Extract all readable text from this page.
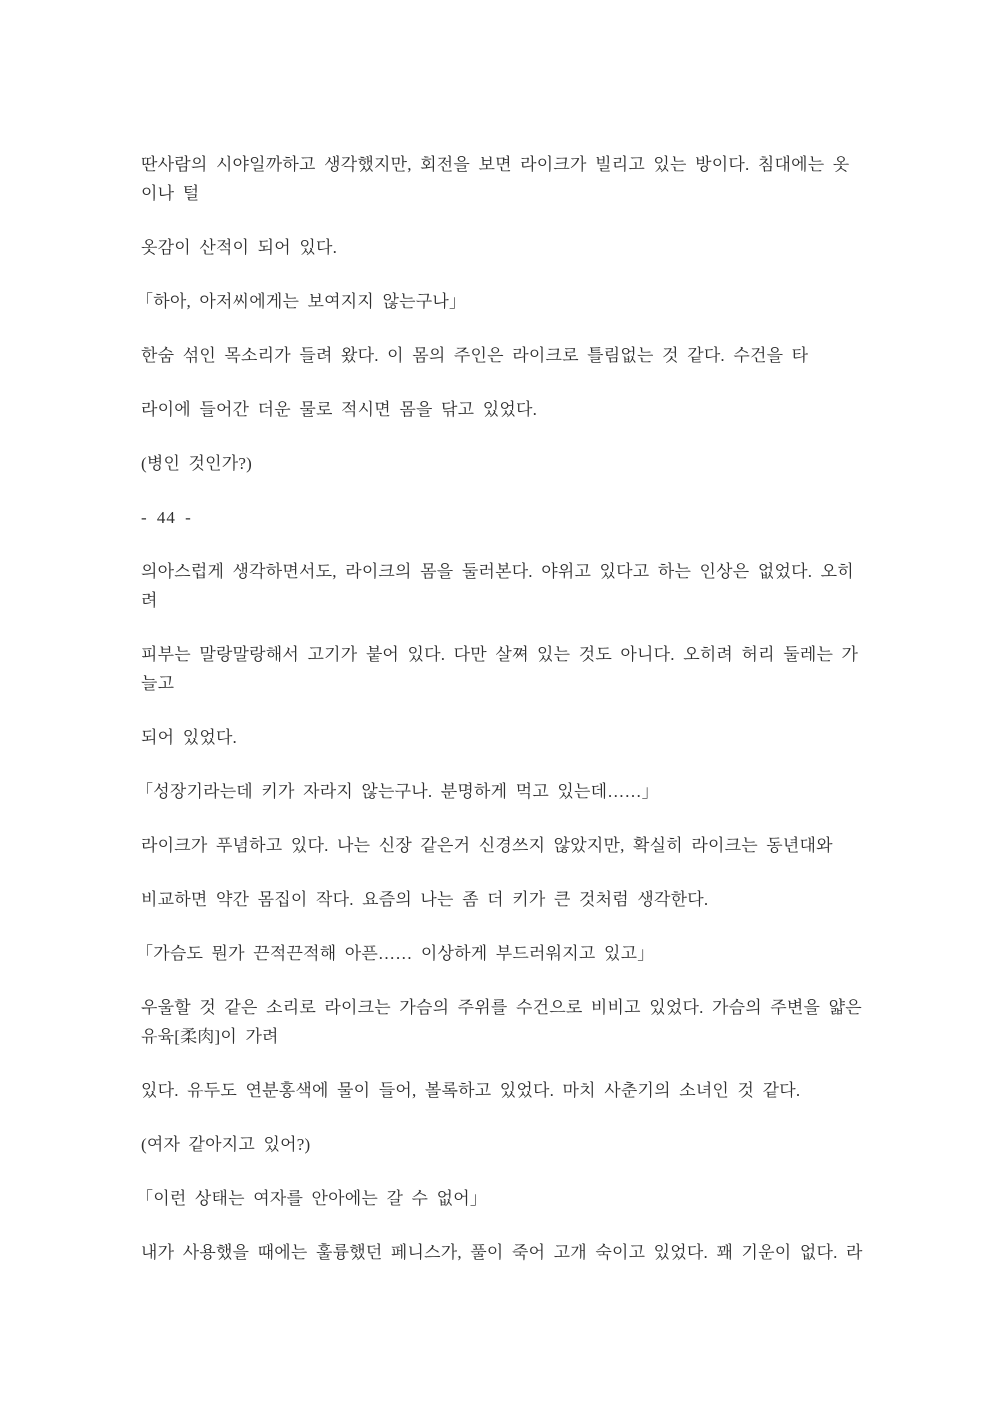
딴사람의 시야일까하고 생각했지만, 회전을 보면 라이크가 빌리고 있는 방이다. 침대에는 옷
이나 털
옷감이 산적이 되어 있다.
「하아, 아저씨에게는 보여지지 않는구나」
한숨 섞인 목소리가 들려 왔다. 이 몸의 주인은 라이크로 틀림없는 것 같다. 수건을 타
라이에 들어간 더운 물로 적시면 몸을 닦고 있었다.
(병인 것인가?)
- 44 -
의아스럽게 생각하면서도, 라이크의 몸을 둘러본다. 야위고 있다고 하는 인상은 없었다. 오히
려
피부는 말랑말랑해서 고기가 붙어 있다. 다만 살쪄 있는 것도 아니다. 오히려 허리 둘레는 가
늘고
되어 있었다.
「성장기라는데 키가 자라지 않는구나. 분명하게 먹고 있는데……」
라이크가 푸념하고 있다. 나는 신장 같은거 신경쓰지 않았지만, 확실히 라이크는 동년대와
비교하면 약간 몸집이 작다. 요즘의 나는 좀 더 키가 큰 것처럼 생각한다.
「가슴도 뭔가 끈적끈적해 아픈…… 이상하게 부드러워지고 있고」
우울할 것 같은 소리로 라이크는 가슴의 주위를 수건으로 비비고 있었다. 가슴의 주변을 얇은
유육[柔肉]이 가려
있다. 유두도 연분홍색에 물이 들어, 볼록하고 있었다. 마치 사춘기의 소녀인 것 같다.
(여자 같아지고 있어?)
「이런 상태는 여자를 안아에는 갈 수 없어」
내가 사용했을 때에는 훌륭했던 페니스가, 풀이 죽어 고개 숙이고 있었다. 꽤 기운이 없다. 라
